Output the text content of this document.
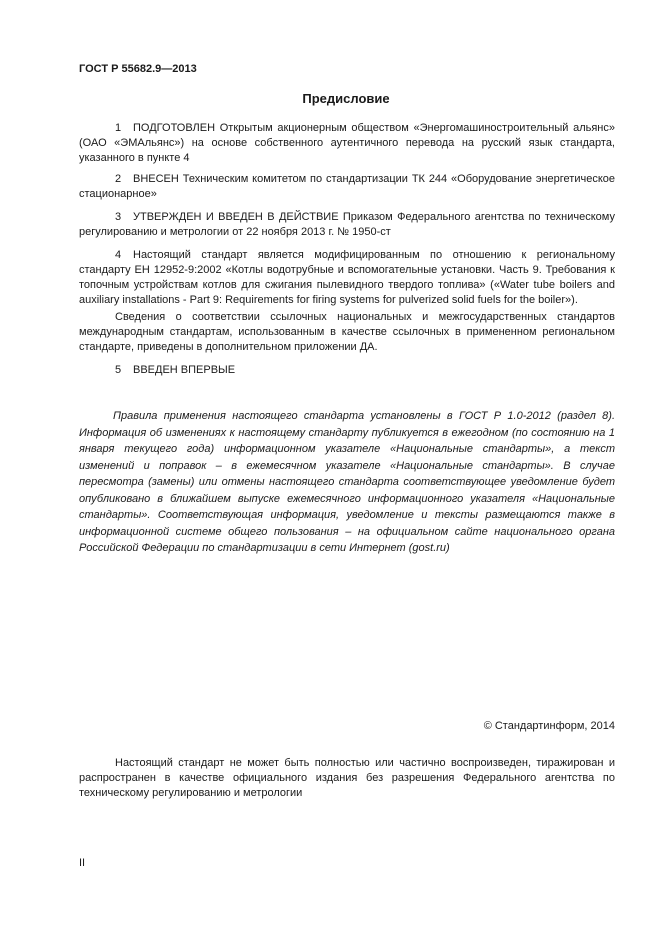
ГОСТ Р 55682.9—2013
Предисловие
1 ПОДГОТОВЛЕН Открытым акционерным обществом «Энергомашиностроительный альянс» (ОАО «ЭМАльянс») на основе собственного аутентичного перевода на русский язык стандарта, указанного в пункте 4
2 ВНЕСЕН Техническим комитетом по стандартизации ТК 244 «Оборудование энергетическое стационарное»
3 УТВЕРЖДЕН И ВВЕДЕН В ДЕЙСТВИЕ Приказом Федерального агентства по техническому регулированию и метрологии от 22 ноября 2013 г. № 1950-ст
4 Настоящий стандарт является модифицированным по отношению к региональному стандарту ЕН 12952-9:2002 «Котлы водотрубные и вспомогательные установки. Часть 9. Требования к топочным устройствам котлов для сжигания пылевидного твердого топлива» («Water tube boilers and auxiliary installations - Part 9: Requirements for firing systems for pulverized solid fuels for the boiler»).
Сведения о соответствии ссылочных национальных и межгосударственных стандартов международным стандартам, использованным в качестве ссылочных в примененном региональном стандарте, приведены в дополнительном приложении ДА.
5 ВВЕДЕН ВПЕРВЫЕ
Правила применения настоящего стандарта установлены в ГОСТ Р 1.0-2012 (раздел 8). Информация об изменениях к настоящему стандарту публикуется в ежегодном (по состоянию на 1 января текущего года) информационном указателе «Национальные стандарты», а текст изменений и поправок – в ежемесячном указателе «Национальные стандарты». В случае пересмотра (замены) или отмены настоящего стандарта соответствующее уведомление будет опубликовано в ближайшем выпуске ежемесячного информационного указателя «Национальные стандарты». Соответствующая информация, уведомление и тексты размещаются также в информационной системе общего пользования – на официальном сайте национального органа Российской Федерации по стандартизации в сети Интернет (gost.ru)
© Стандартинформ, 2014
Настоящий стандарт не может быть полностью или частично воспроизведен, тиражирован и распространен в качестве официального издания без разрешения Федерального агентства по техническому регулированию и метрологии
II
